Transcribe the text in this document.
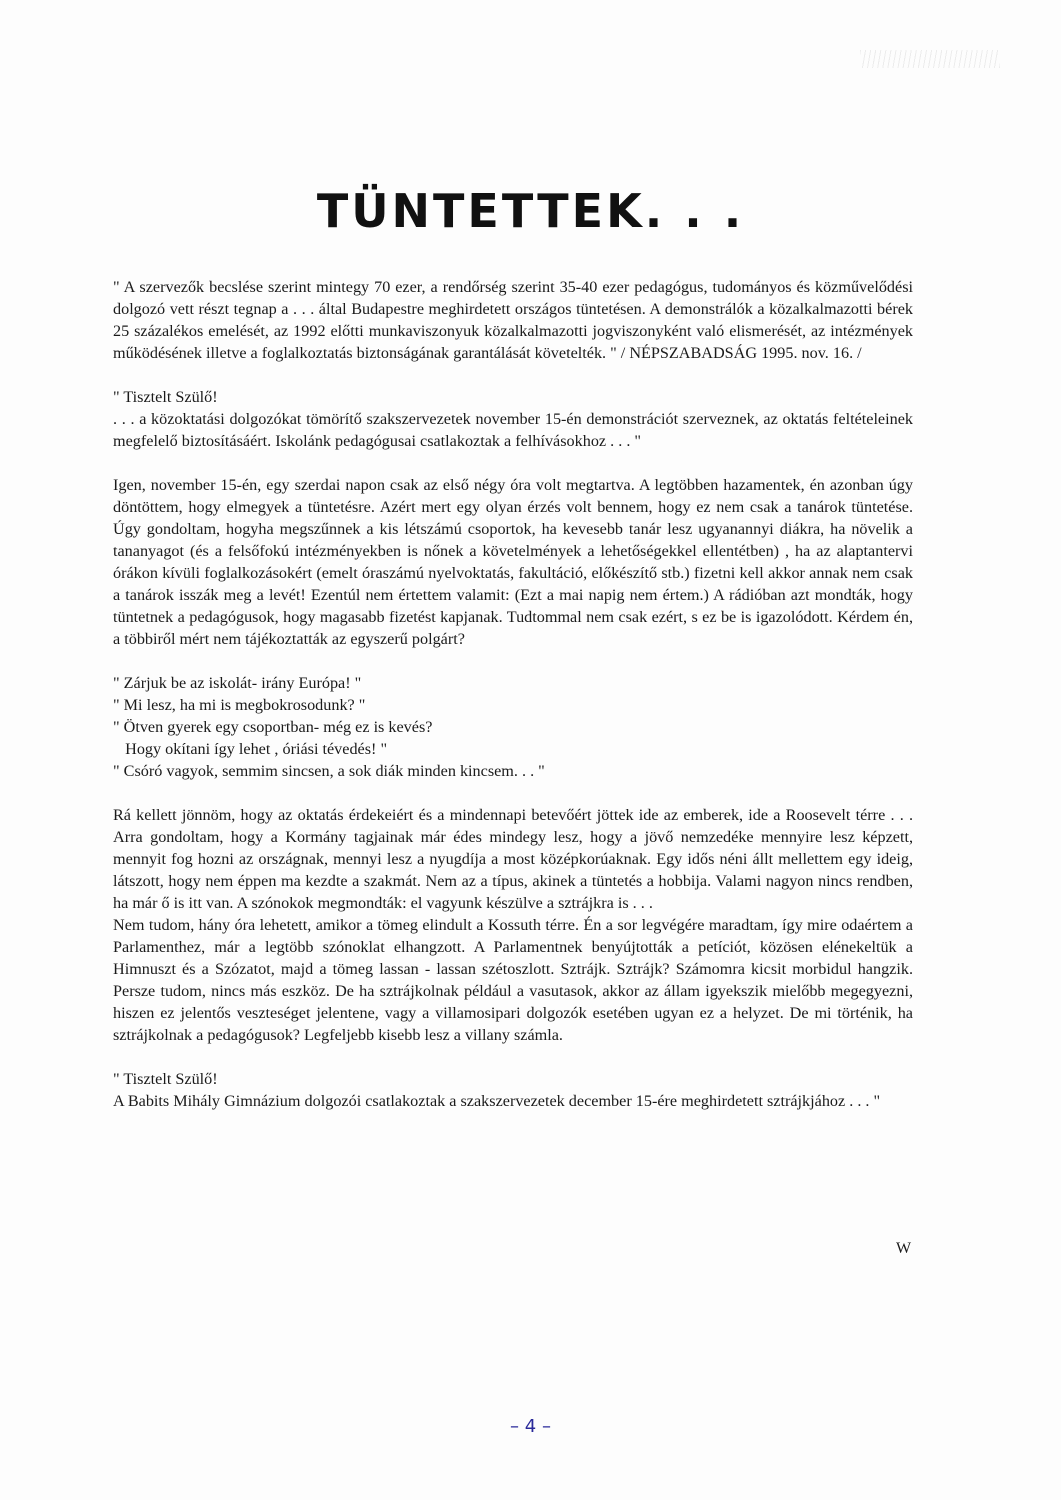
TÜNTETTEK. . .

" A szervezők becslése szerint mintegy 70 ezer, a rendőrség szerint 35-40 ezer pedagógus, tudományos és közművelődési dolgozó vett részt tegnap a . . . által Budapestre meghirdetett országos tüntetésen. A demonstrálók a közalkalmazotti bérek 25 százalékos emelését, az 1992 előtti munkaviszonyuk közalkalmazotti jogviszonyként való elismerését, az intézmények működésének illetve a foglalkoztatás biztonságának garantálását követelték. " / NÉPSZABADSÁG 1995. nov. 16. /

" Tisztelt Szülő!

. . . a közoktatási dolgozókat tömörítő szakszervezetek november 15-én demonstrációt szerveznek, az oktatás feltételeinek megfelelő biztosításáért. Iskolánk pedagógusai csatlakoztak a felhívásokhoz . . . "

Igen, november 15-én, egy szerdai napon csak az első négy óra volt megtartva. A legtöbben hazamentek, én azonban úgy döntöttem, hogy elmegyek a tüntetésre. Azért mert egy olyan érzés volt bennem, hogy ez nem csak a tanárok tüntetése. Úgy gondoltam, hogyha megszűnnek a kis létszámú csoportok, ha kevesebb tanár lesz ugyanannyi diákra, ha növelik a tananyagot (és a felsőfokú intézményekben is nőnek a követelmények a lehetőségekkel ellentétben) , ha az alaptantervi órákon kívüli foglalkozásokért (emelt óraszámú nyelvoktatás, fakultáció, előkészítő stb.) fizetni kell akkor annak nem csak a tanárok isszák meg a levét! Ezentúl nem értettem valamit: (Ezt a mai napig nem értem.) A rádióban azt mondták, hogy tüntetnek a pedagógusok, hogy magasabb fizetést kapjanak. Tudtommal nem csak ezért, s ez be is igazolódott. Kérdem én, a többiről mért nem tájékoztatták az egyszerű polgárt?

" Zárjuk be az iskolát- irány Európa! "

" Mi lesz, ha mi is megbokrosodunk? "

" Ötven gyerek egy csoportban- még ez is kevés?

Hogy okítani így lehet , óriási tévedés! "

" Csóró vagyok, semmim sincsen, a sok diák minden kincsem. . . "

Rá kellett jönnöm, hogy az oktatás érdekeiért és a mindennapi betevőért jöttek ide az emberek, ide a Roosevelt térre . . . Arra gondoltam, hogy a Kormány tagjainak már édes mindegy lesz, hogy a jövő nemzedéke mennyire lesz képzett, mennyit fog hozni az országnak, mennyi lesz a nyugdíja a most középkorúaknak. Egy idős néni állt mellettem egy ideig, látszott, hogy nem éppen ma kezdte a szakmát. Nem az a típus, akinek a tüntetés a hobbija. Valami nagyon nincs rendben, ha már ő is itt van. A szónokok megmondták: el vagyunk készülve a sztrájkra is . . .

Nem tudom, hány óra lehetett, amikor a tömeg elindult a Kossuth térre. Én a sor legvégére maradtam, így mire odaértem a Parlamenthez, már a legtöbb szónoklat elhangzott. A Parlamentnek benyújtották a petíciót, közösen elénekeltük a Himnuszt és a Szózatot, majd a tömeg lassan - lassan szétoszlott. Sztrájk. Sztrájk? Számomra kicsit morbidul hangzik. Persze tudom, nincs más eszköz. De ha sztrájkolnak például a vasutasok, akkor az állam igyekszik mielőbb megegyezni, hiszen ez jelentős veszteséget jelentene, vagy a villamosipari dolgozók esetében ugyan ez a helyzet. De mi történik, ha sztrájkolnak a pedagógusok? Legfeljebb kisebb lesz a villany számla.

" Tisztelt Szülő!

A Babits Mihály Gimnázium dolgozói csatlakoztak a szakszervezetek december 15-ére meghirdetett sztrájkjához . . . "

W
– 4 –
